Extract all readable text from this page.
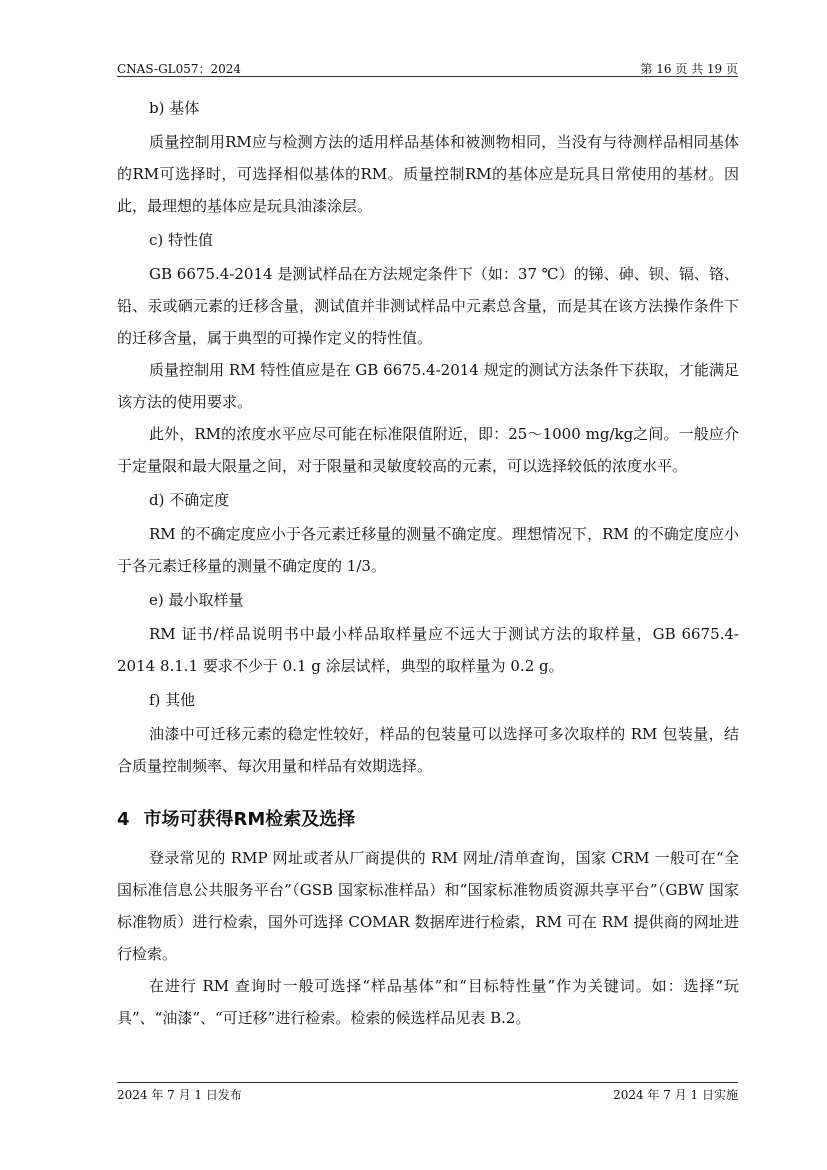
CNAS-GL057：2024	第 16 页 共 19 页

b) 基体

质量控制用RM应与检测方法的适用样品基体和被测物相同，当没有与待测样品相同基体的RM可选择时，可选择相似基体的RM。质量控制RM的基体应是玩具日常使用的基材。因此，最理想的基体应是玩具油漆涂层。

c) 特性值

GB 6675.4-2014 是测试样品在方法规定条件下（如：37 ℃）的锑、砷、钡、镉、铬、铅、汞或硒元素的迁移含量，测试值并非测试样品中元素总含量，而是其在该方法操作条件下的迁移含量，属于典型的可操作定义的特性值。

质量控制用 RM 特性值应是在 GB 6675.4-2014 规定的测试方法条件下获取，才能满足该方法的使用要求。

此外，RM的浓度水平应尽可能在标准限值附近，即：25～1000 mg/kg之间。一般应介于定量限和最大限量之间，对于限量和灵敏度较高的元素，可以选择较低的浓度水平。

d) 不确定度

RM 的不确定度应小于各元素迁移量的测量不确定度。理想情况下，RM 的不确定度应小于各元素迁移量的测量不确定度的 1/3。

e) 最小取样量

RM 证书/样品说明书中最小样品取样量应不远大于测试方法的取样量，GB 6675.4-2014 8.1.1 要求不少于 0.1 g 涂层试样，典型的取样量为 0.2 g。

f) 其他

油漆中可迁移元素的稳定性较好，样品的包装量可以选择可多次取样的 RM 包装量，结合质量控制频率、每次用量和样品有效期选择。

4 市场可获得RM检索及选择

登录常见的 RMP 网址或者从厂商提供的 RM 网址/清单查询，国家 CRM 一般可在“全国标准信息公共服务平台”（GSB 国家标准样品）和“国家标准物质资源共享平台”（GBW 国家标准物质）进行检索，国外可选择 COMAR 数据库进行检索，RM 可在 RM 提供商的网址进行检索。

在进行 RM 查询时一般可选择“样品基体”和“目标特性量”作为关键词。如：选择“玩具”、“油漆”、“可迁移”进行检索。检索的候选样品见表 B.2。

2024 年 7 月 1 日发布	2024 年 7 月 1 日实施
